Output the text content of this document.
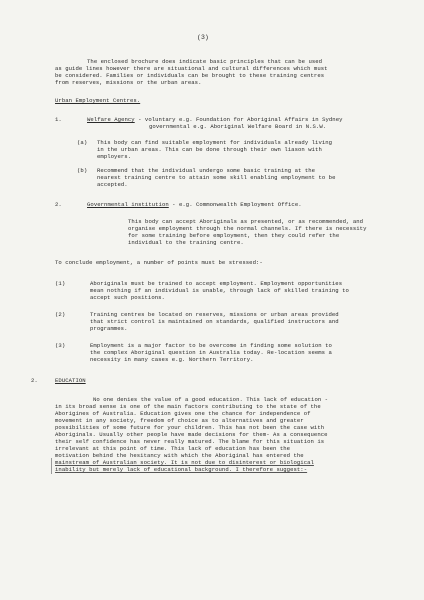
(3)
The enclosed brochure does indicate basic principles that can be used
as guide lines however there are situational and cultural differences which must
be considered. Families or individuals can be brought to these training centres
from reserves, missions or the urban areas.
Urban Employment Centres.
1.	Welfare Agency - voluntary e.g. Foundation for Aboriginal Affairs in Sydney
governmental e.g. Aboriginal Welfare Board in N.S.W.
(a) This body can find suitable employment for individuals already living
in the urban areas. This can be done through their own liason with
employers.
(b) Recommend that the individual undergo some basic training at the
nearest training centre to attain some skill enabling employment to be
accepted.
2.	Governmental institution - e.g. Commonwealth Employment Office.
This body can accept Aboriginals as presented, or as recommended, and
organise employment through the normal channels. If there is necessity
for some training before employment, then they could refer the
individual to the training centre.
To conclude employment, a number of points must be stressed:-
(1)	Aboriginals must be trained to accept employment. Employment opportunities
mean nothing if an individual is unable, through lack of skilled training to
accept such positions.
(2)	Training centres be located on reserves, missions or urban areas provided
that strict control is maintained on standards, qualified instructors and
programmes.
(3)	Employment is a major factor to be overcome in finding some solution to
the complex Aboriginal question in Australia today. Re-location seems a
necessity in many cases e.g. Northern Territory.
2.	EDUCATION
No one denies the value of a good education. This lack of education -
in its broad sense is one of the main factors contributing to the state of the
Aborigines of Australia. Education gives one the chance for independence of
movement in any society, freedom of choice as to alternatives and greater
possibilities of some future for your children. This has not been the case with
Aboriginals. Usually other people have made decisions for them- As a consequence
their self confidence has never really matured. The blame for this situation is
irrelevant at this point of time. This lack of education has been the
motivation behind the hesitancy with which the Aboriginal has entered the
mainstream of Australian society. It is not due to disinterest or biological
inability but merely lack of educational background. I therefore suggest:-
